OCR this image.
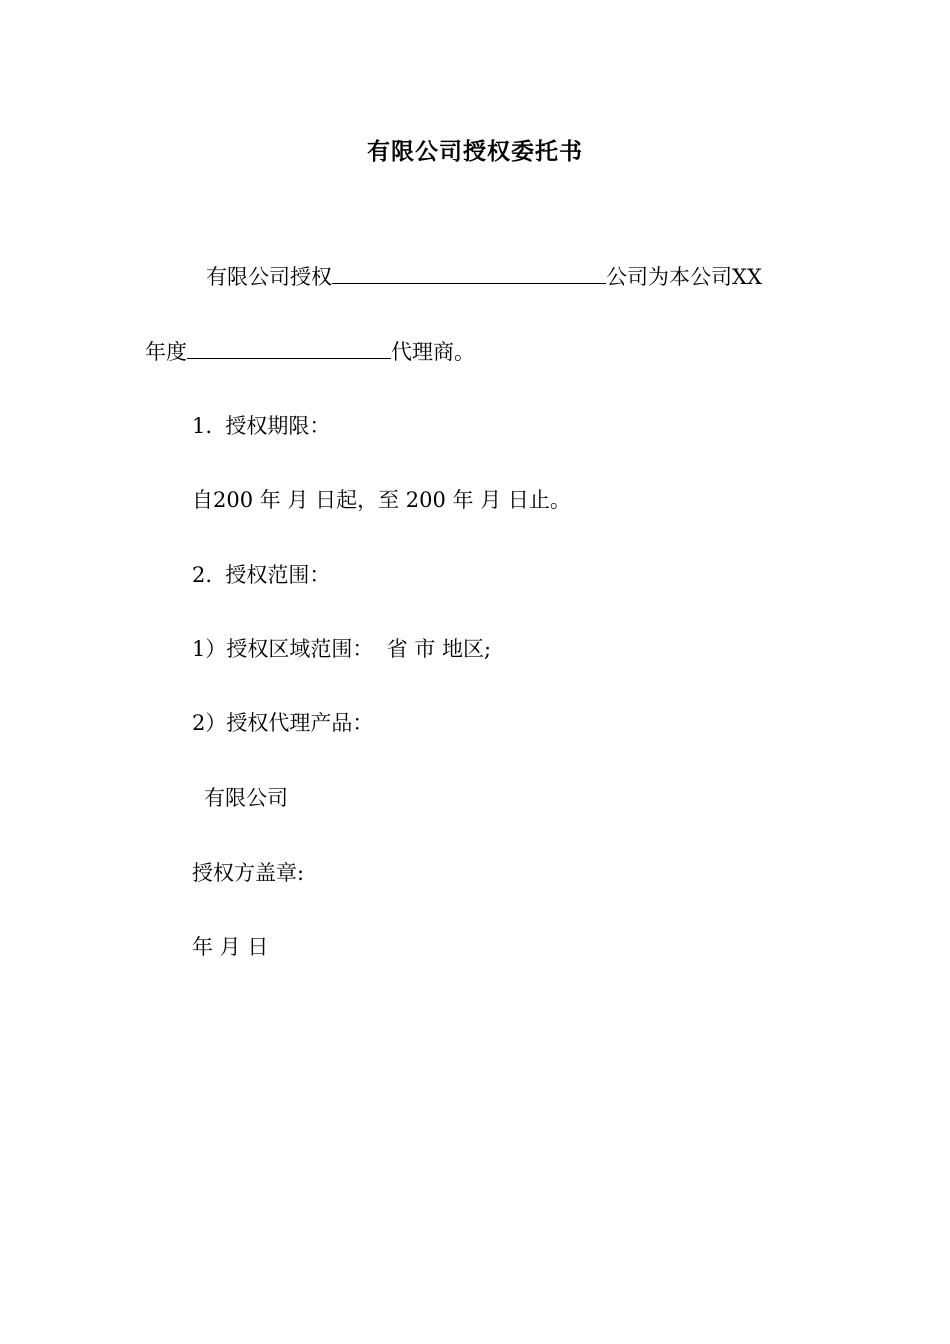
有限公司授权委托书
有限公司授权	公司为本公司XX
年度	代理商。
1.  授权期限：
自200 年 月 日起，至 200 年 月 日止。
2.  授权范围：
1）授权区域范围：  省 市 地区;
2）授权代理产品：
有限公司
授权方盖章:
年 月 日
